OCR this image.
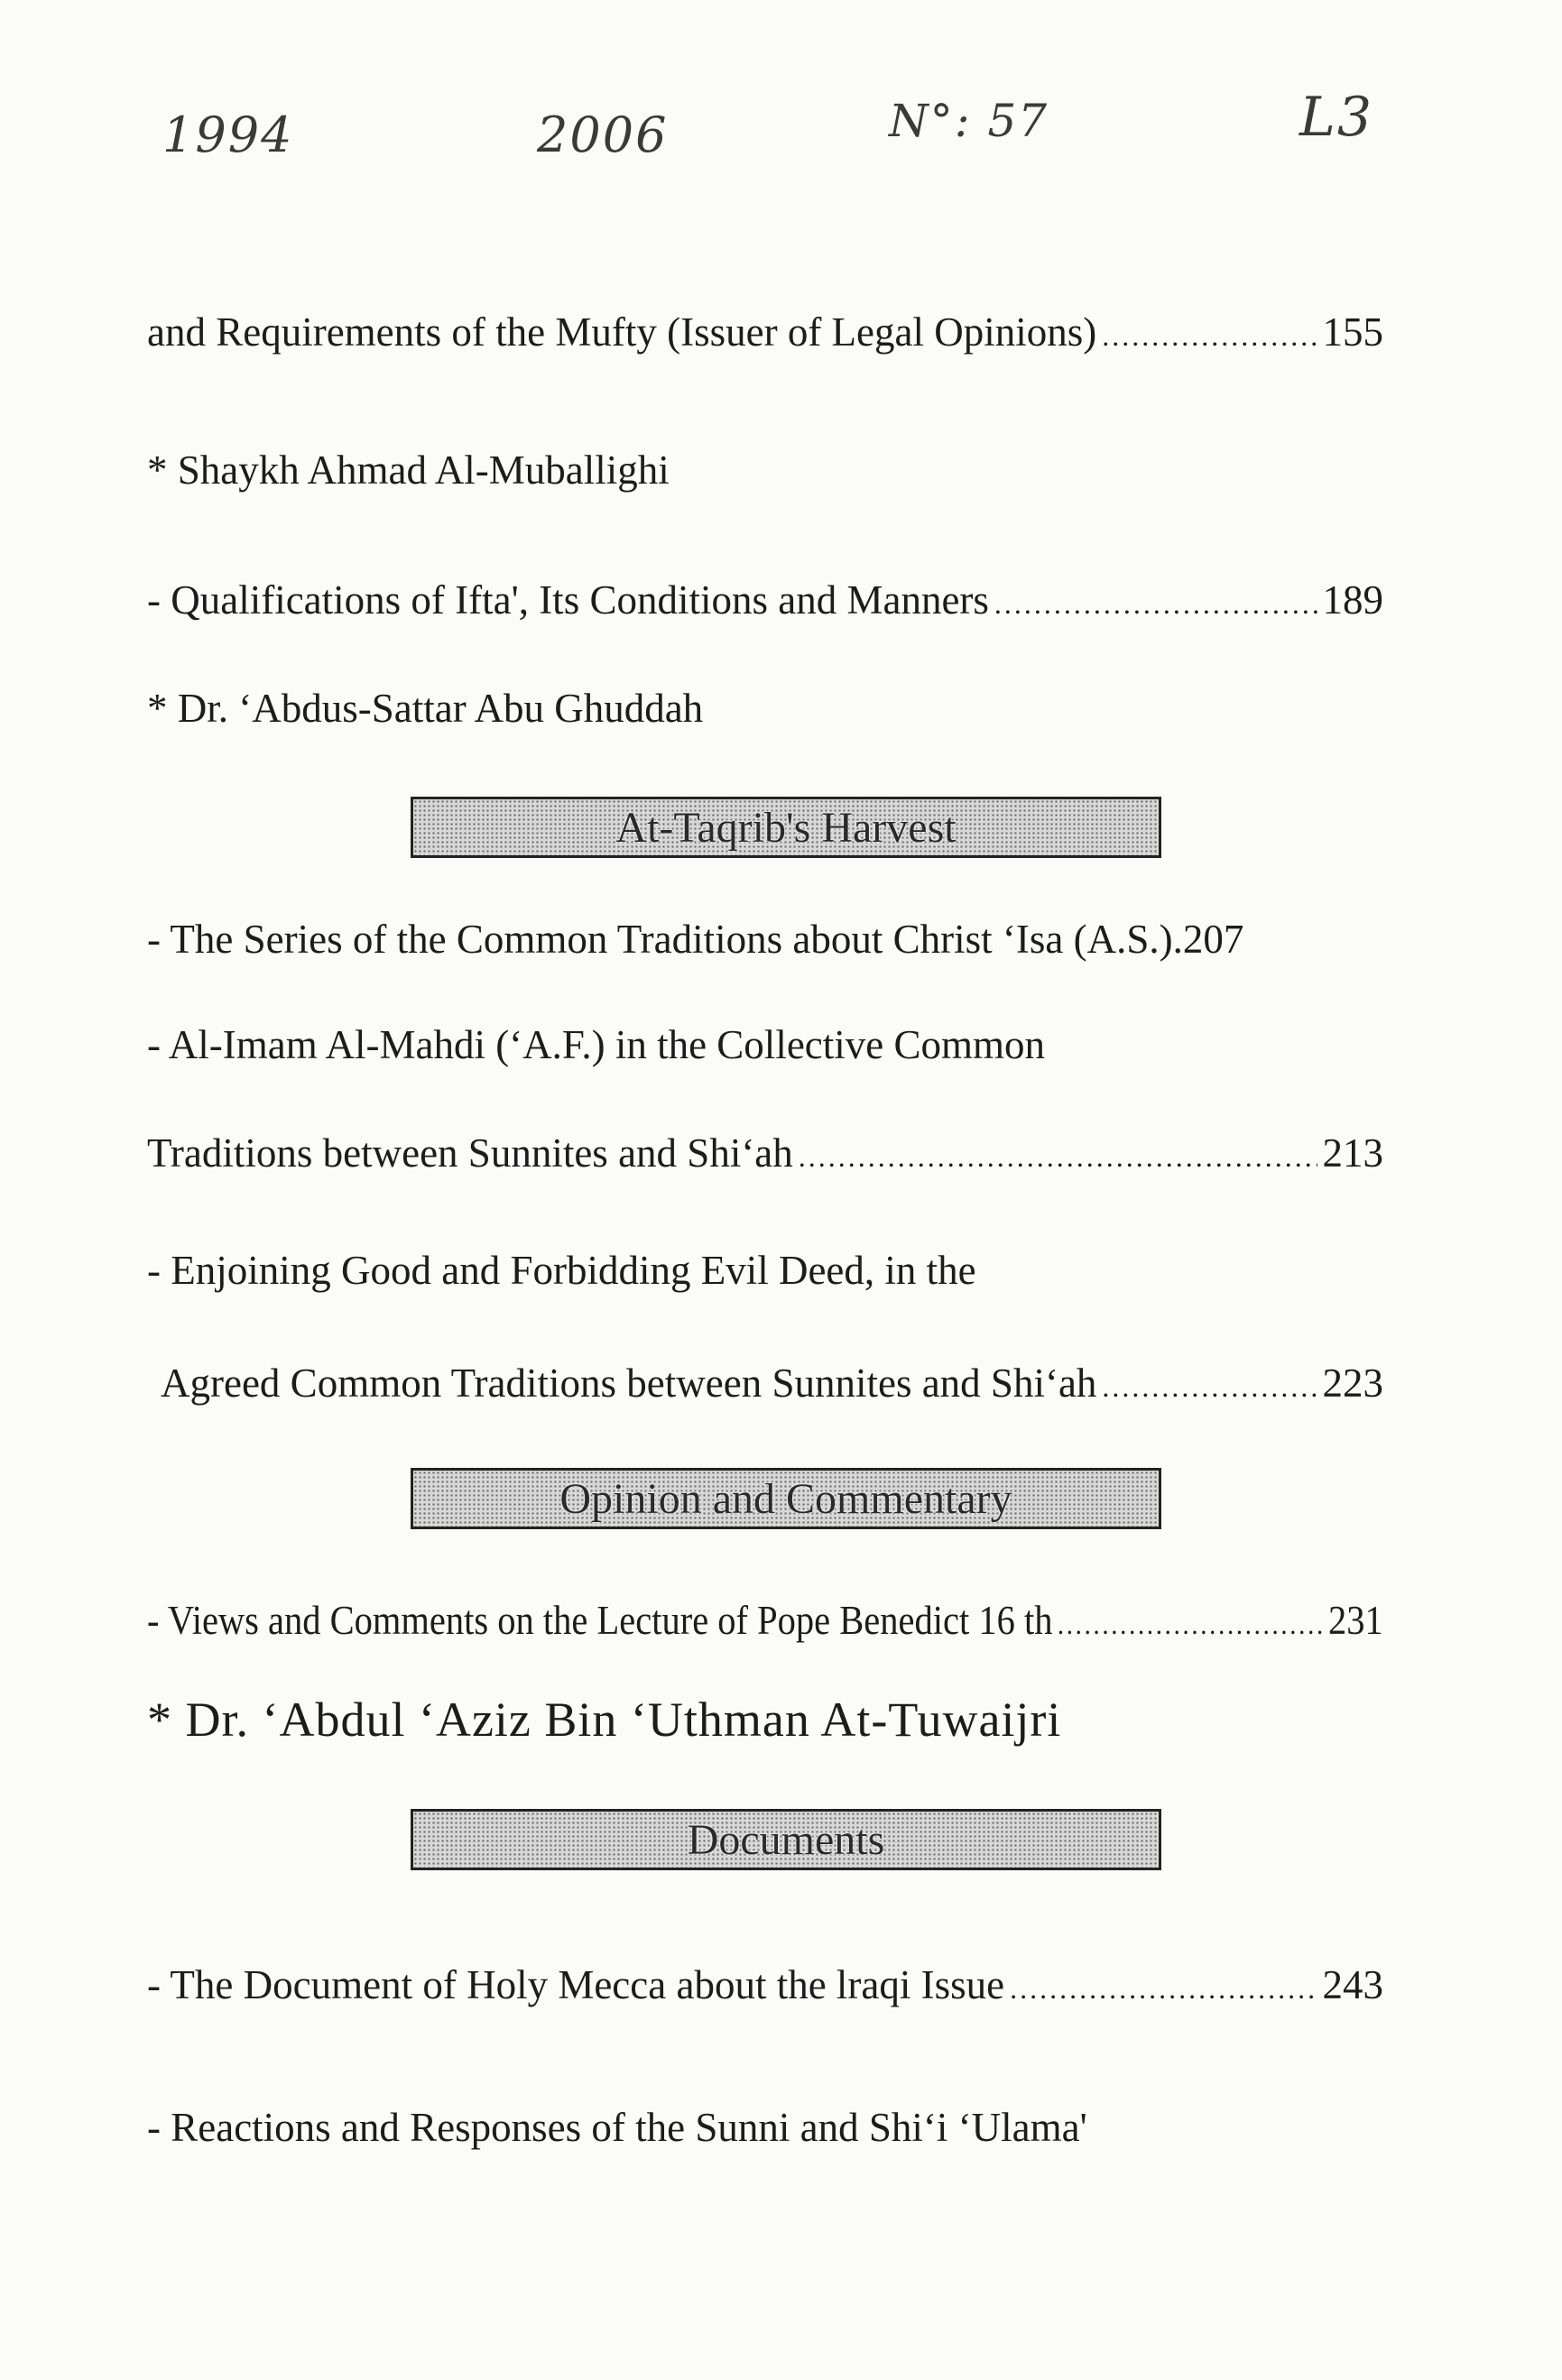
1994	2006	N°: 57	L3
and Requirements of the Mufty (Issuer of Legal Opinions) .....	155
* Shaykh Ahmad Al-Muballighi
- Qualifications of Ifta', Its Conditions and Manners .....	189
* Dr. ‘Abdus-Sattar Abu Ghuddah
At-Taqrib's Harvest
- The Series of the Common Traditions about Christ ‘Isa (A.S.). 207
- Al-Imam Al-Mahdi (‘A.F.) in the Collective Common
Traditions between Sunnites and Shi‘ah .....	213
- Enjoining Good and Forbidding Evil Deed, in the
Agreed Common Traditions between Sunnites and Shi‘ah .....	223
Opinion and Commentary
- Views and Comments on the Lecture of Pope Benedict 16 th .....	231
* Dr. ‘Abdul ‘Aziz Bin ‘Uthman At-Tuwaijri
Documents
- The Document of Holy Mecca about the lraqi Issue .....	243
- Reactions and Responses of the Sunni and Shi‘i ‘Ulama'
